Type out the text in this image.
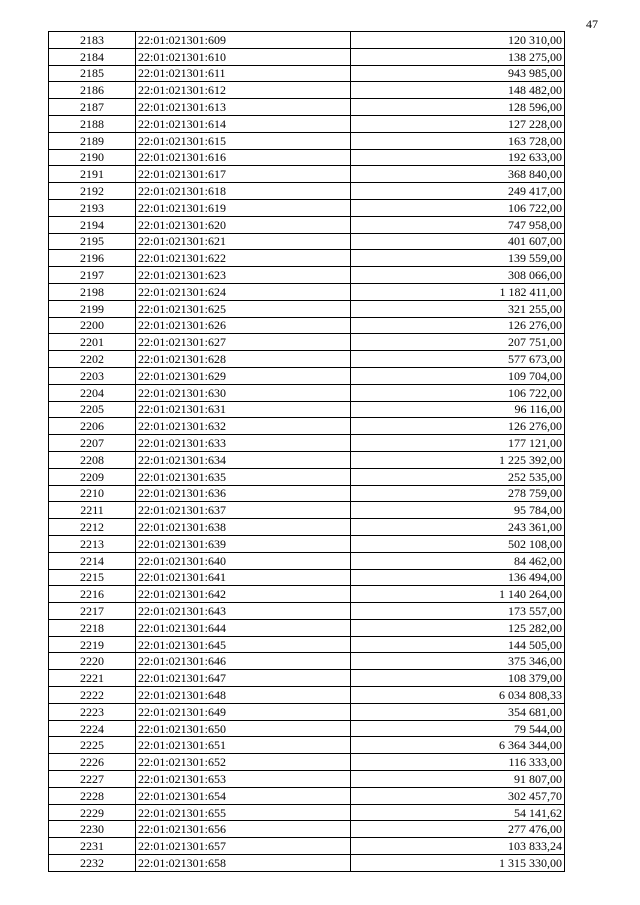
47
2183	22:01:021301:609	120 310,00
2184	22:01:021301:610	138 275,00
2185	22:01:021301:611	943 985,00
2186	22:01:021301:612	148 482,00
2187	22:01:021301:613	128 596,00
2188	22:01:021301:614	127 228,00
2189	22:01:021301:615	163 728,00
2190	22:01:021301:616	192 633,00
2191	22:01:021301:617	368 840,00
2192	22:01:021301:618	249 417,00
2193	22:01:021301:619	106 722,00
2194	22:01:021301:620	747 958,00
2195	22:01:021301:621	401 607,00
2196	22:01:021301:622	139 559,00
2197	22:01:021301:623	308 066,00
2198	22:01:021301:624	1 182 411,00
2199	22:01:021301:625	321 255,00
2200	22:01:021301:626	126 276,00
2201	22:01:021301:627	207 751,00
2202	22:01:021301:628	577 673,00
2203	22:01:021301:629	109 704,00
2204	22:01:021301:630	106 722,00
2205	22:01:021301:631	96 116,00
2206	22:01:021301:632	126 276,00
2207	22:01:021301:633	177 121,00
2208	22:01:021301:634	1 225 392,00
2209	22:01:021301:635	252 535,00
2210	22:01:021301:636	278 759,00
2211	22:01:021301:637	95 784,00
2212	22:01:021301:638	243 361,00
2213	22:01:021301:639	502 108,00
2214	22:01:021301:640	84 462,00
2215	22:01:021301:641	136 494,00
2216	22:01:021301:642	1 140 264,00
2217	22:01:021301:643	173 557,00
2218	22:01:021301:644	125 282,00
2219	22:01:021301:645	144 505,00
2220	22:01:021301:646	375 346,00
2221	22:01:021301:647	108 379,00
2222	22:01:021301:648	6 034 808,33
2223	22:01:021301:649	354 681,00
2224	22:01:021301:650	79 544,00
2225	22:01:021301:651	6 364 344,00
2226	22:01:021301:652	116 333,00
2227	22:01:021301:653	91 807,00
2228	22:01:021301:654	302 457,70
2229	22:01:021301:655	54 141,62
2230	22:01:021301:656	277 476,00
2231	22:01:021301:657	103 833,24
2232	22:01:021301:658	1 315 330,00
